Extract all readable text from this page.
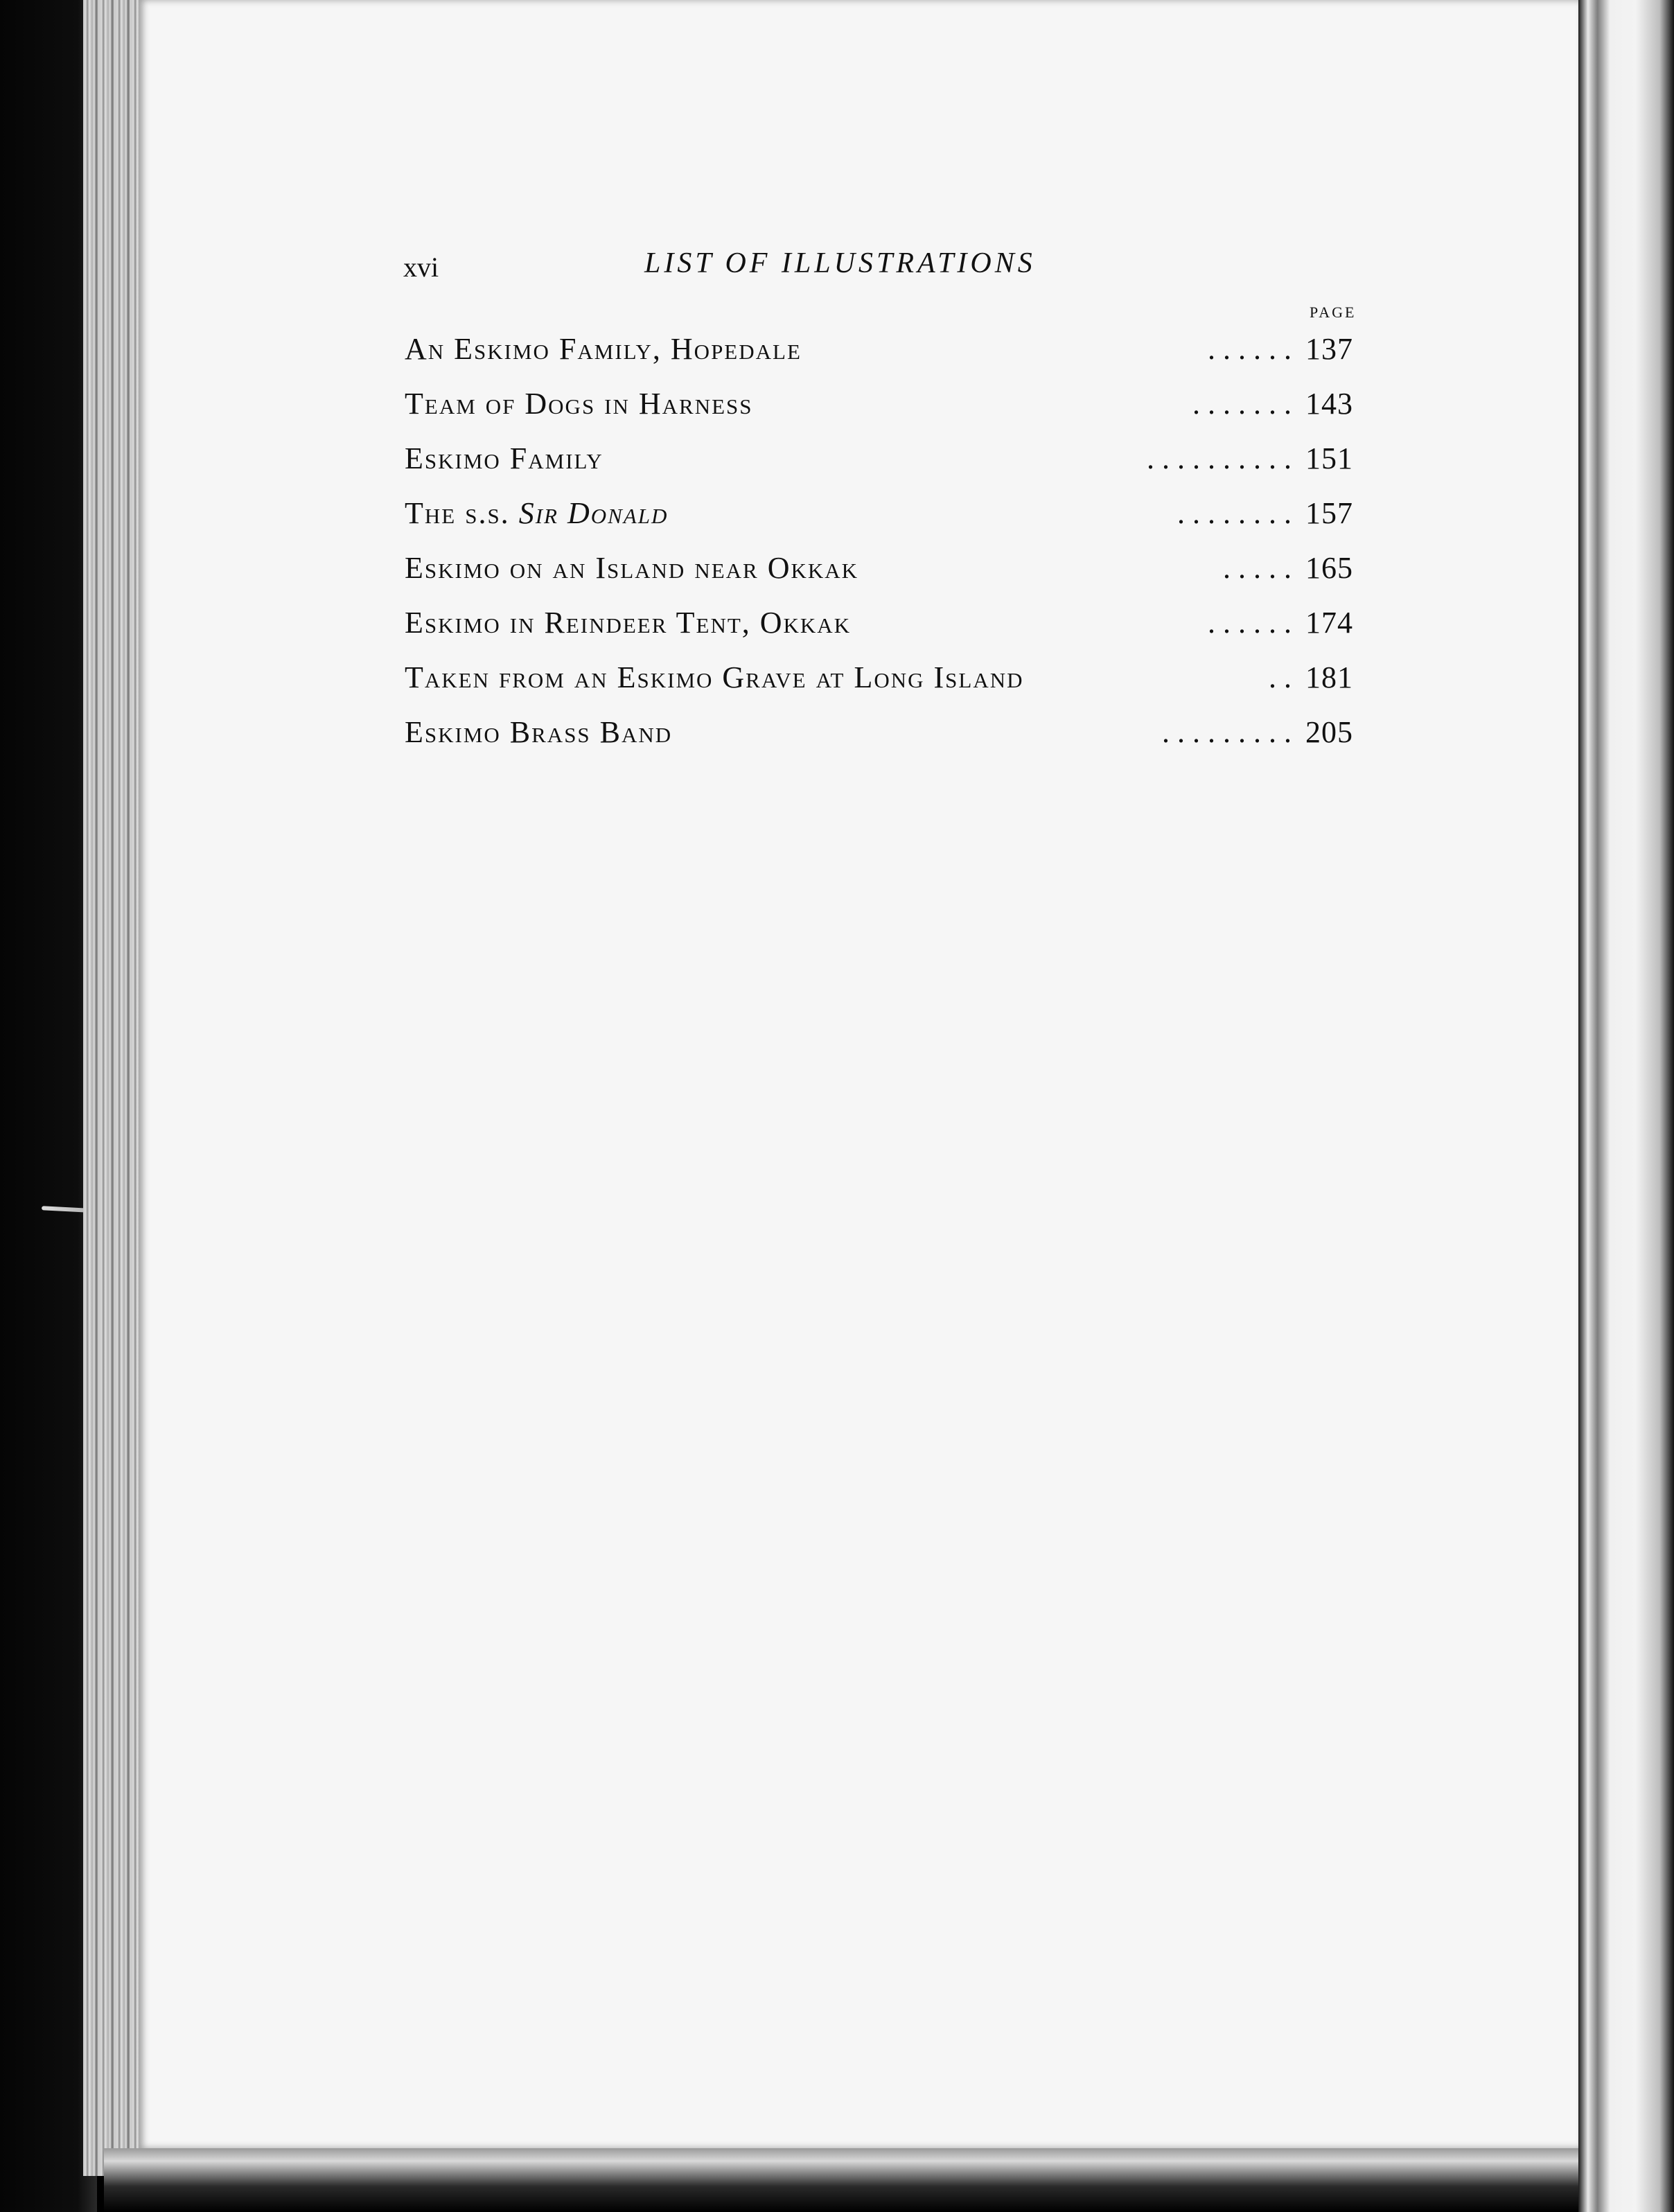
xvi	LIST OF ILLUSTRATIONS
PAGE
An Eskimo Family, Hopedale	. . . . . . 137
Team of Dogs in Harness	. . . . . . . 143
Eskimo Family	. . . . . . . . . . 151
The s.s. Sir Donald	. . . . . . . . 157
Eskimo on an Island near Okkak	. . . . . 165
Eskimo in Reindeer Tent, Okkak	. . . . . . 174
Taken from an Eskimo Grave at Long Island	. . 181
Eskimo Brass Band	. . . . . . . . . 205
